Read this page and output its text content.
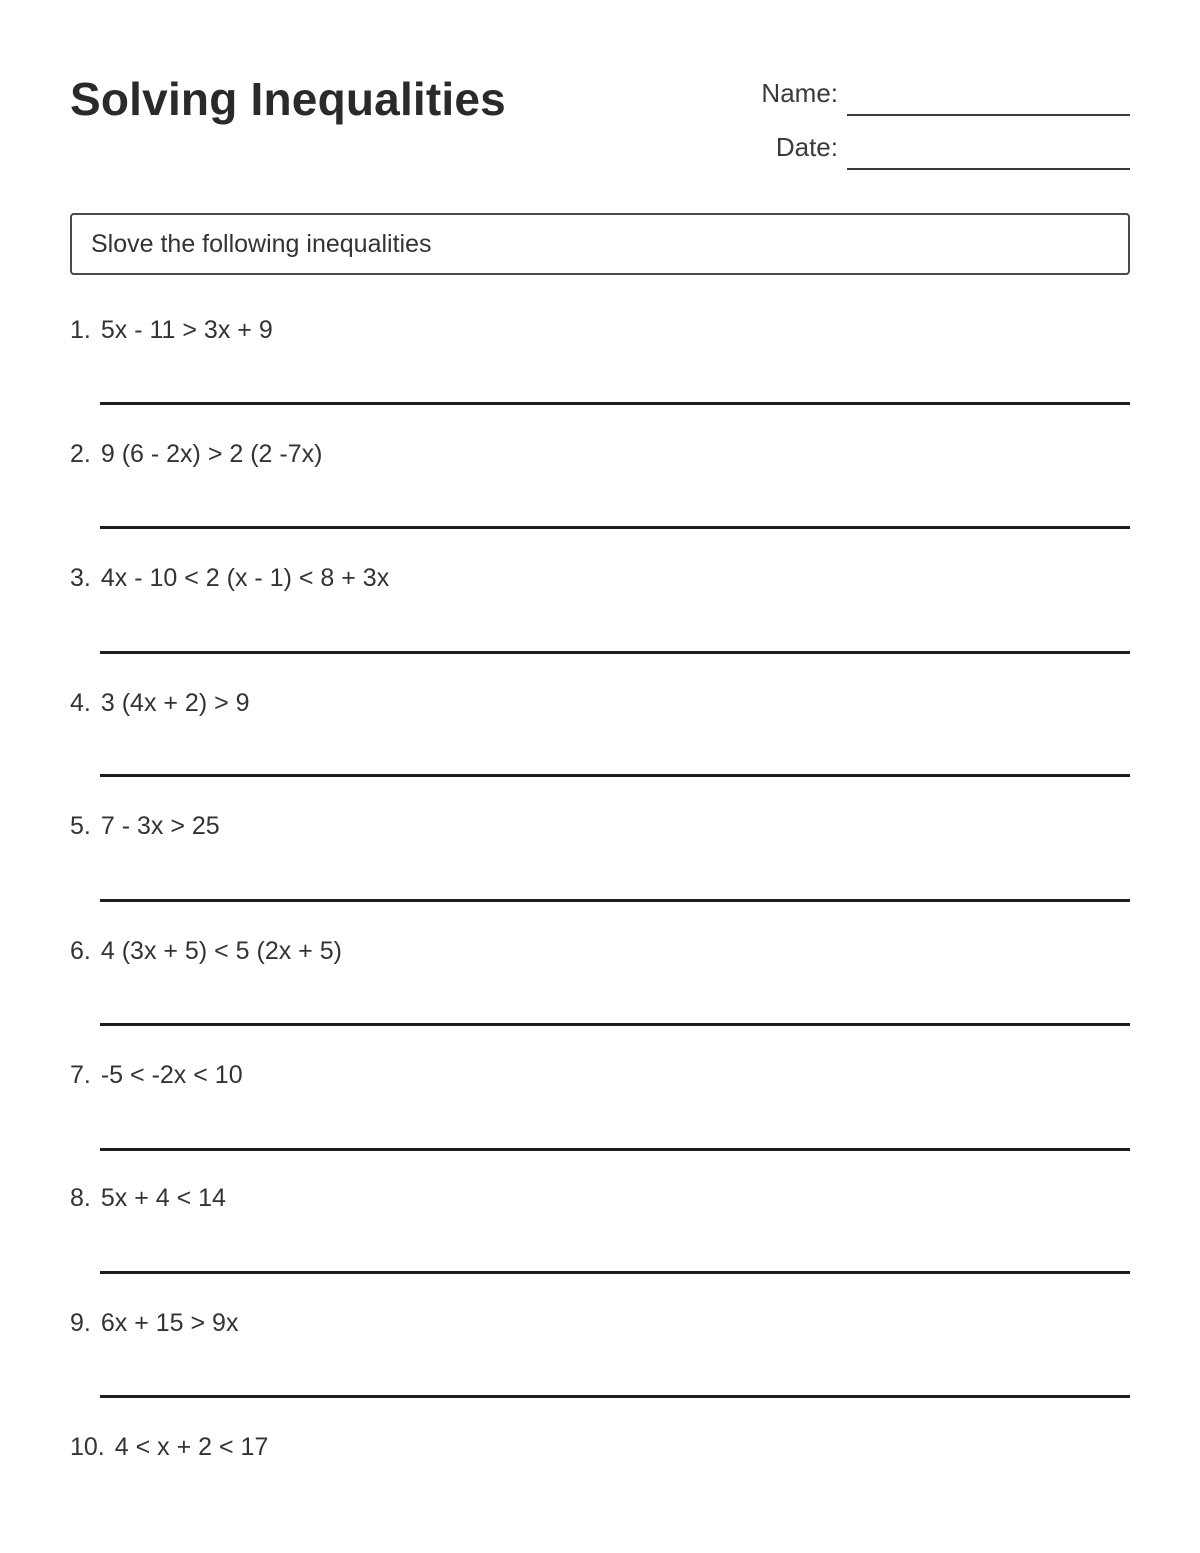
Solving Inequalities	Name:
Date:
Slove the following inequalities
1. 5x - 11 > 3x + 9
2. 9 (6 - 2x) > 2 (2 -7x)
3. 4x - 10 < 2 (x - 1) < 8 + 3x
4. 3 (4x + 2) > 9
5. 7 - 3x > 25
6. 4 (3x + 5) < 5 (2x + 5)
7. -5 < -2x < 10
8. 5x + 4 < 14
9. 6x + 15 > 9x
10. 4 < x + 2 < 17
